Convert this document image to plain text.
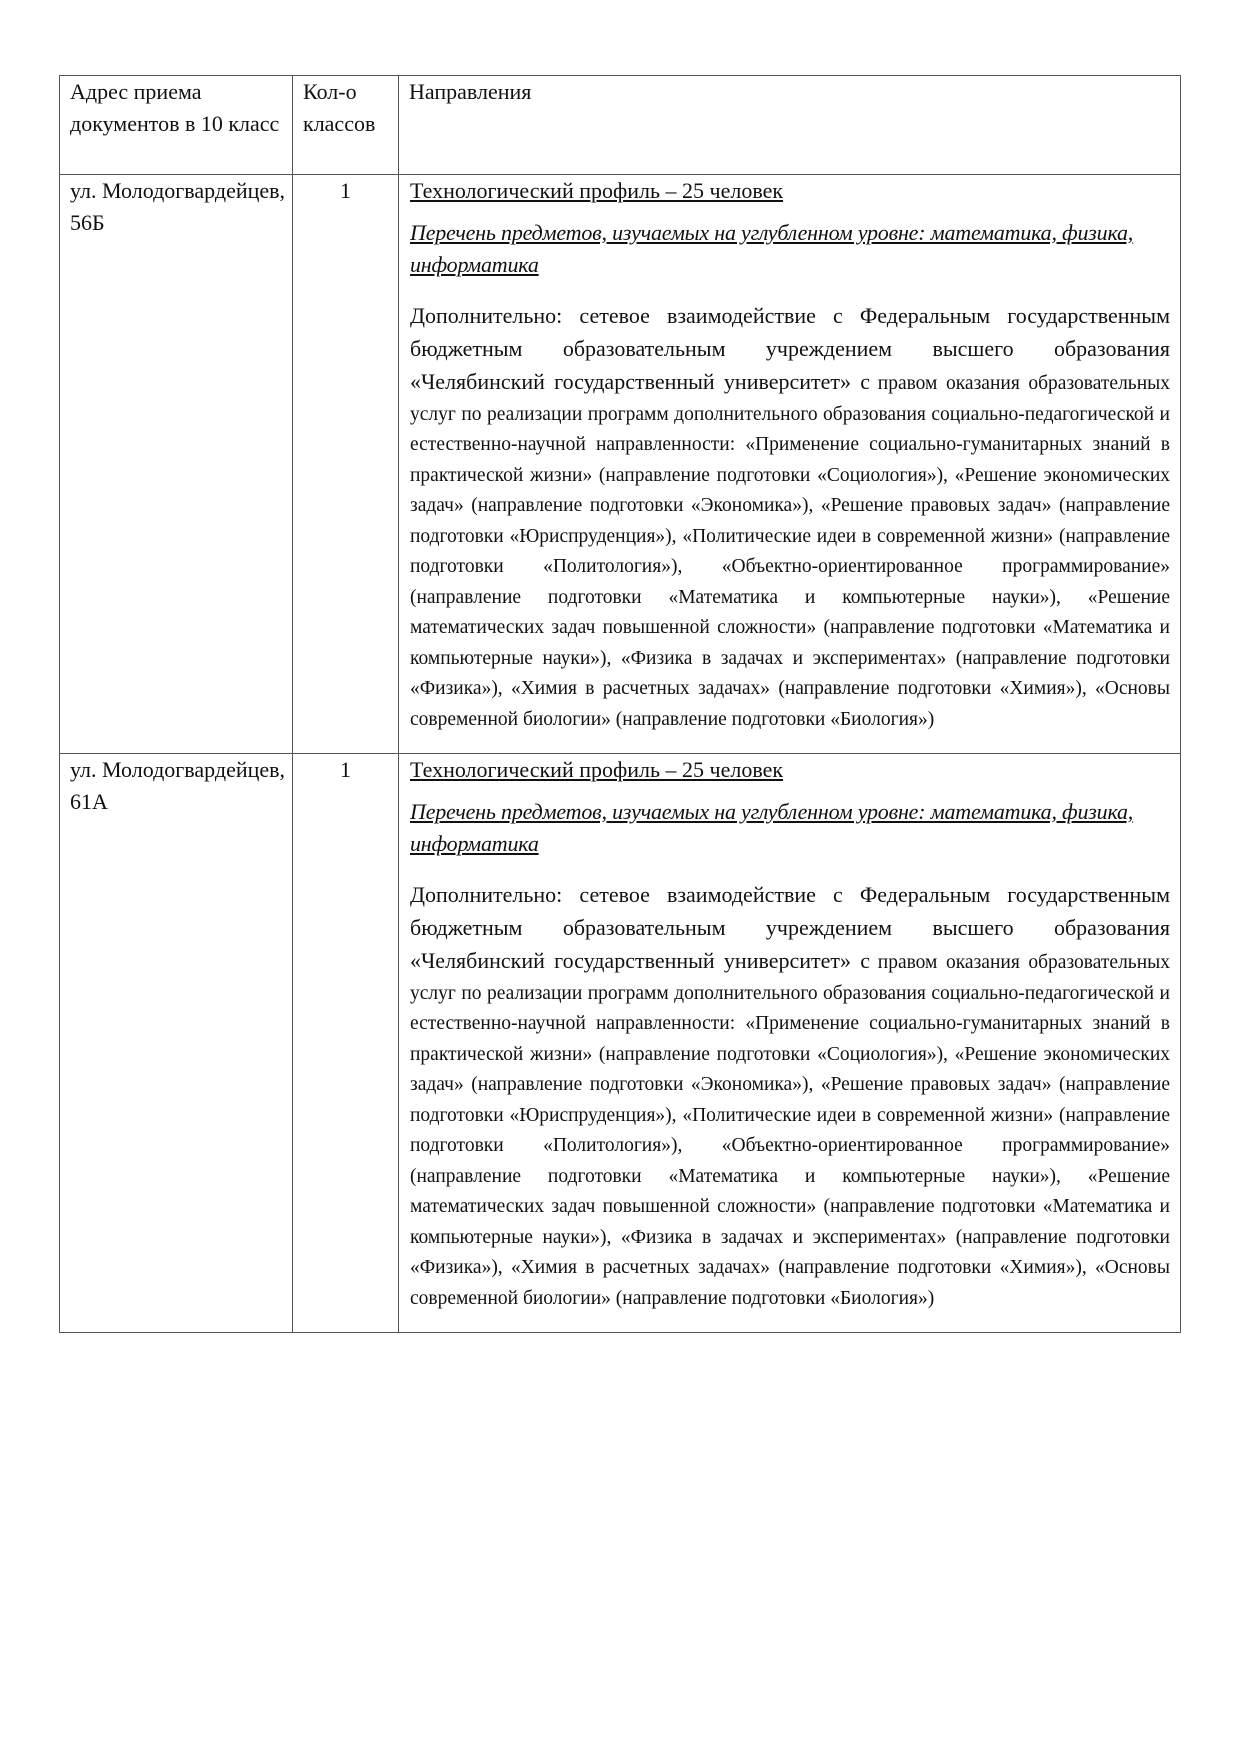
Адрес приема документов в 10 класс	Кол-о классов	Направления
ул. Молодогвардейцев, 56Б	1	Технологический профиль – 25 человек

Перечень предметов, изучаемых на углубленном уровне: математика, физика, информатика

Дополнительно: сетевое взаимодействие с Федеральным государственным бюджетным образовательным учреждением высшего образования «Челябинский государственный университет» с правом оказания образовательных услуг по реализации программ дополнительного образования социально-педагогической и естественно-научной направленности: «Применение социально-гуманитарных знаний в практической жизни» (направление подготовки «Социология»), «Решение экономических задач» (направление подготовки «Экономика»), «Решение правовых задач» (направление подготовки «Юриспруденция»), «Политические идеи в современной жизни» (направление подготовки «Политология»), «Объектно-ориентированное программирование» (направление подготовки «Математика и компьютерные науки»), «Решение математических задач повышенной сложности» (направление подготовки «Математика и компьютерные науки»), «Физика в задачах и экспериментах» (направление подготовки «Физика»), «Химия в расчетных задачах» (направление подготовки «Химия»), «Основы современной биологии» (направление подготовки «Биология»)

ул. Молодогвардейцев, 61А	1	Технологический профиль – 25 человек

Перечень предметов, изучаемых на углубленном уровне: математика, физика, информатика

Дополнительно: сетевое взаимодействие с Федеральным государственным бюджетным образовательным учреждением высшего образования «Челябинский государственный университет» с правом оказания образовательных услуг по реализации программ дополнительного образования социально-педагогической и естественно-научной направленности: «Применение социально-гуманитарных знаний в практической жизни» (направление подготовки «Социология»), «Решение экономических задач» (направление подготовки «Экономика»), «Решение правовых задач» (направление подготовки «Юриспруденция»), «Политические идеи в современной жизни» (направление подготовки «Политология»), «Объектно-ориентированное программирование» (направление подготовки «Математика и компьютерные науки»), «Решение математических задач повышенной сложности» (направление подготовки «Математика и компьютерные науки»), «Физика в задачах и экспериментах» (направление подготовки «Физика»), «Химия в расчетных задачах» (направление подготовки «Химия»), «Основы современной биологии» (направление подготовки «Биология»)
